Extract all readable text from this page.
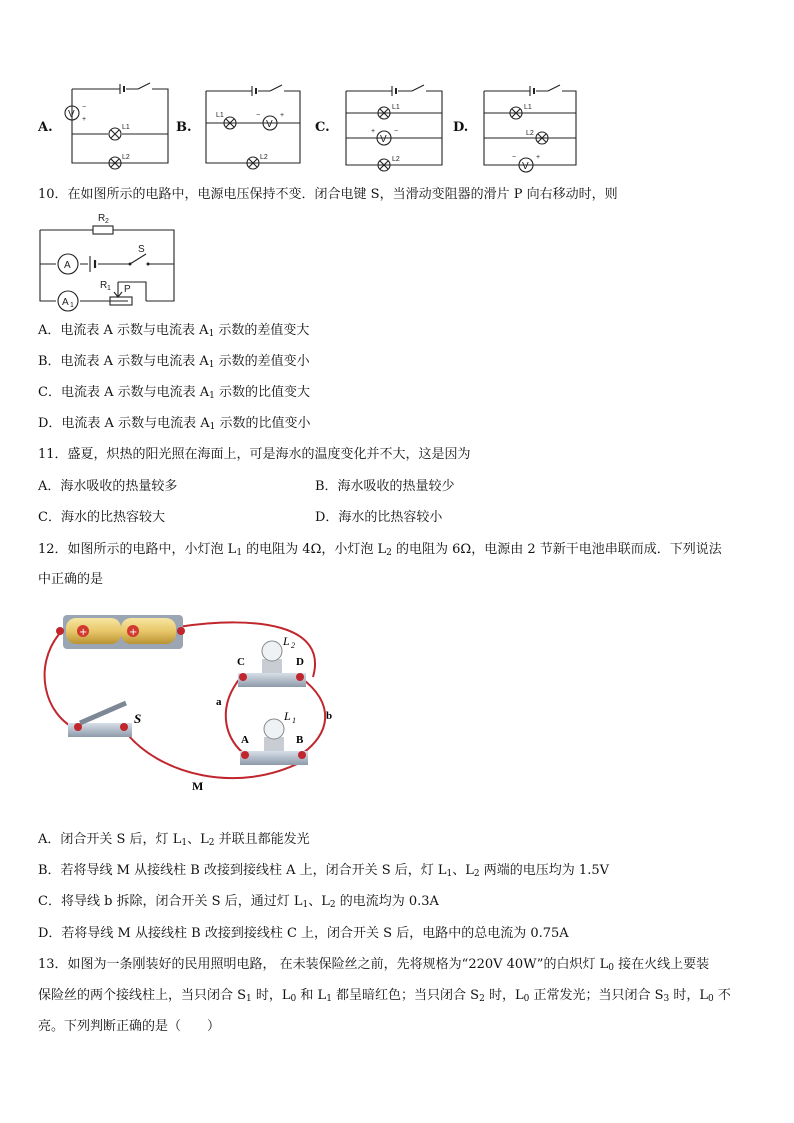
A.	B.	C.	D.
V
−
+
L1
L2
L1
V
−	+
L2
L1
V
+	−
L2
L1
L2
V
−	+
10．在如图所示的电路中，电源电压保持不变．闭合电键 S，当滑动变阻器的滑片 P 向右移动时，则
R 2
A
S
A 1
R 1 P
A．电流表 A 示数与电流表 $A_1$ 示数的差值变大
B．电流表 A 示数与电流表 $A_1$ 示数的差值变小
C．电流表 A 示数与电流表 $A_1$ 示数的比值变大
D．电流表 A 示数与电流表 $A_1$ 示数的比值变小
11．盛夏，炽热的阳光照在海面上，可是海水的温度变化并不大，这是因为
A．海水吸收的热量较多	B．海水吸收的热量较少
C．海水的比热容较大	D．海水的比热容较小
12．如图所示的电路中，小灯泡 $L_1$ 的电阻为 4Ω，小灯泡 $L_2$ 的电阻为 6Ω，电源由 2 节新干电池串联而成．下列说法
中正确的是
+	+
C	D
L 2
A	B
L 1
a
b
M
S
A．闭合开关 S 后，灯 $L_1$、$L_2$ 并联且都能发光
B．若将导线 M 从接线柱 B 改接到接线柱 A 上，闭合开关 S 后，灯 $L_1$、$L_2$ 两端的电压均为 1.5V
C．将导线 b 拆除，闭合开关 S 后，通过灯 $L_1$、$L_2$ 的电流均为 0.3A
D．若将导线 M 从接线柱 B 改接到接线柱 C 上，闭合开关 S 后，电路中的总电流为 0.75A
13．如图为一条刚装好的民用照明电路， 在未装保险丝之前，先将规格为“220V 40W”的白炽灯 $L_0$ 接在火线上要装
保险丝的两个接线柱上，当只闭合 $S_1$ 时，$L_0$ 和 $L_1$ 都呈暗红色；当只闭合 $S_2$ 时，$L_0$ 正常发光；当只闭合 $S_3$ 时，$L_0$ 不
亮。下列判断正确的是（　　）
